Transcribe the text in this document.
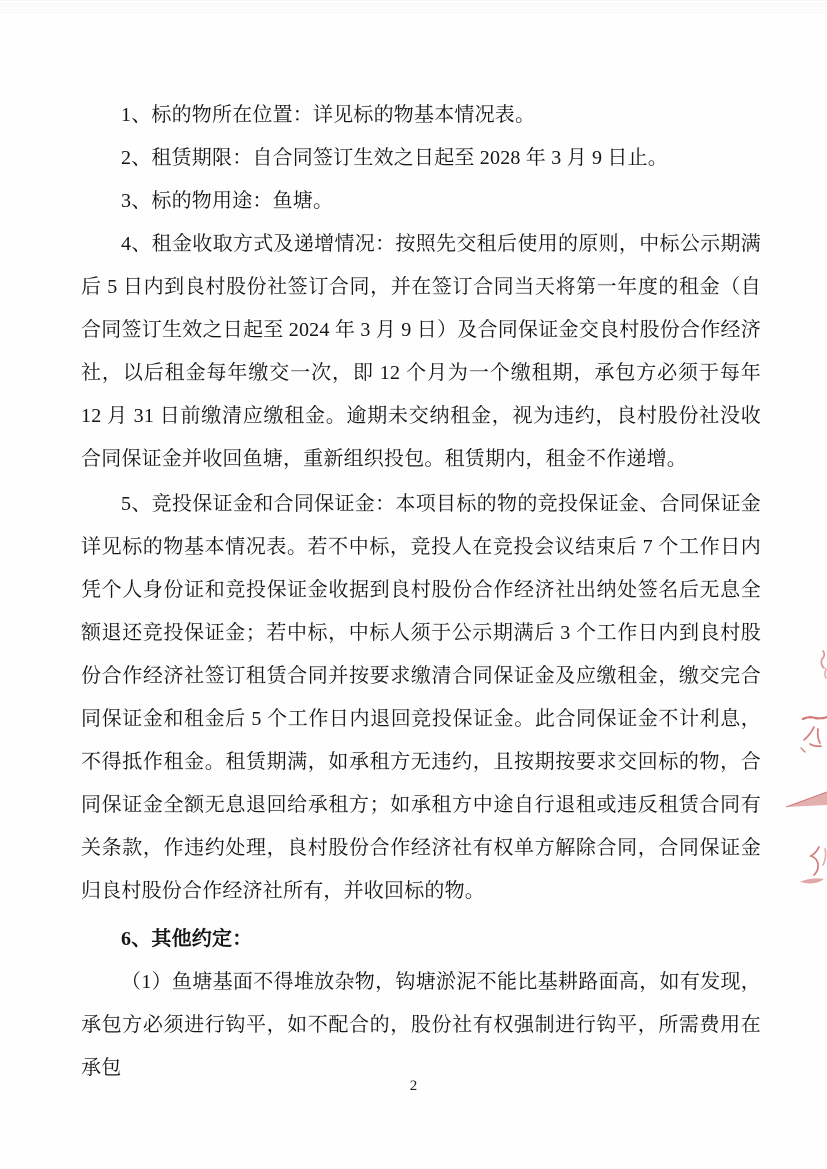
1、标的物所在位置：详见标的物基本情况表。

2、租赁期限：自合同签订生效之日起至 2028 年 3 月 9 日止。

3、标的物用途：鱼塘。

4、租金收取方式及递增情况：按照先交租后使用的原则，中标公示期满后 5 日内到良村股份社签订合同，并在签订合同当天将第一年度的租金（自合同签订生效之日起至 2024 年 3 月 9 日）及合同保证金交良村股份合作经济社，以后租金每年缴交一次，即 12 个月为一个缴租期，承包方必须于每年 12 月 31 日前缴清应缴租金。逾期未交纳租金，视为违约，良村股份社没收合同保证金并收回鱼塘，重新组织投包。租赁期内，租金不作递增。

5、竞投保证金和合同保证金：本项目标的物的竞投保证金、合同保证金详见标的物基本情况表。若不中标，竞投人在竞投会议结束后 7 个工作日内凭个人身份证和竞投保证金收据到良村股份合作经济社出纳处签名后无息全额退还竞投保证金；若中标，中标人须于公示期满后 3 个工作日内到良村股份合作经济社签订租赁合同并按要求缴清合同保证金及应缴租金，缴交完合同保证金和租金后 5 个工作日内退回竞投保证金。此合同保证金不计利息，不得抵作租金。租赁期满，如承租方无违约，且按期按要求交回标的物，合同保证金全额无息退回给承租方；如承租方中途自行退租或违反租赁合同有关条款，作违约处理，良村股份合作经济社有权单方解除合同，合同保证金归良村股份合作经济社所有，并收回标的物。

6、其他约定：

（1）鱼塘基面不得堆放杂物，钩塘淤泥不能比基耕路面高，如有发现，承包方必须进行钩平，如不配合的，股份社有权强制进行钩平，所需费用在承包

2
